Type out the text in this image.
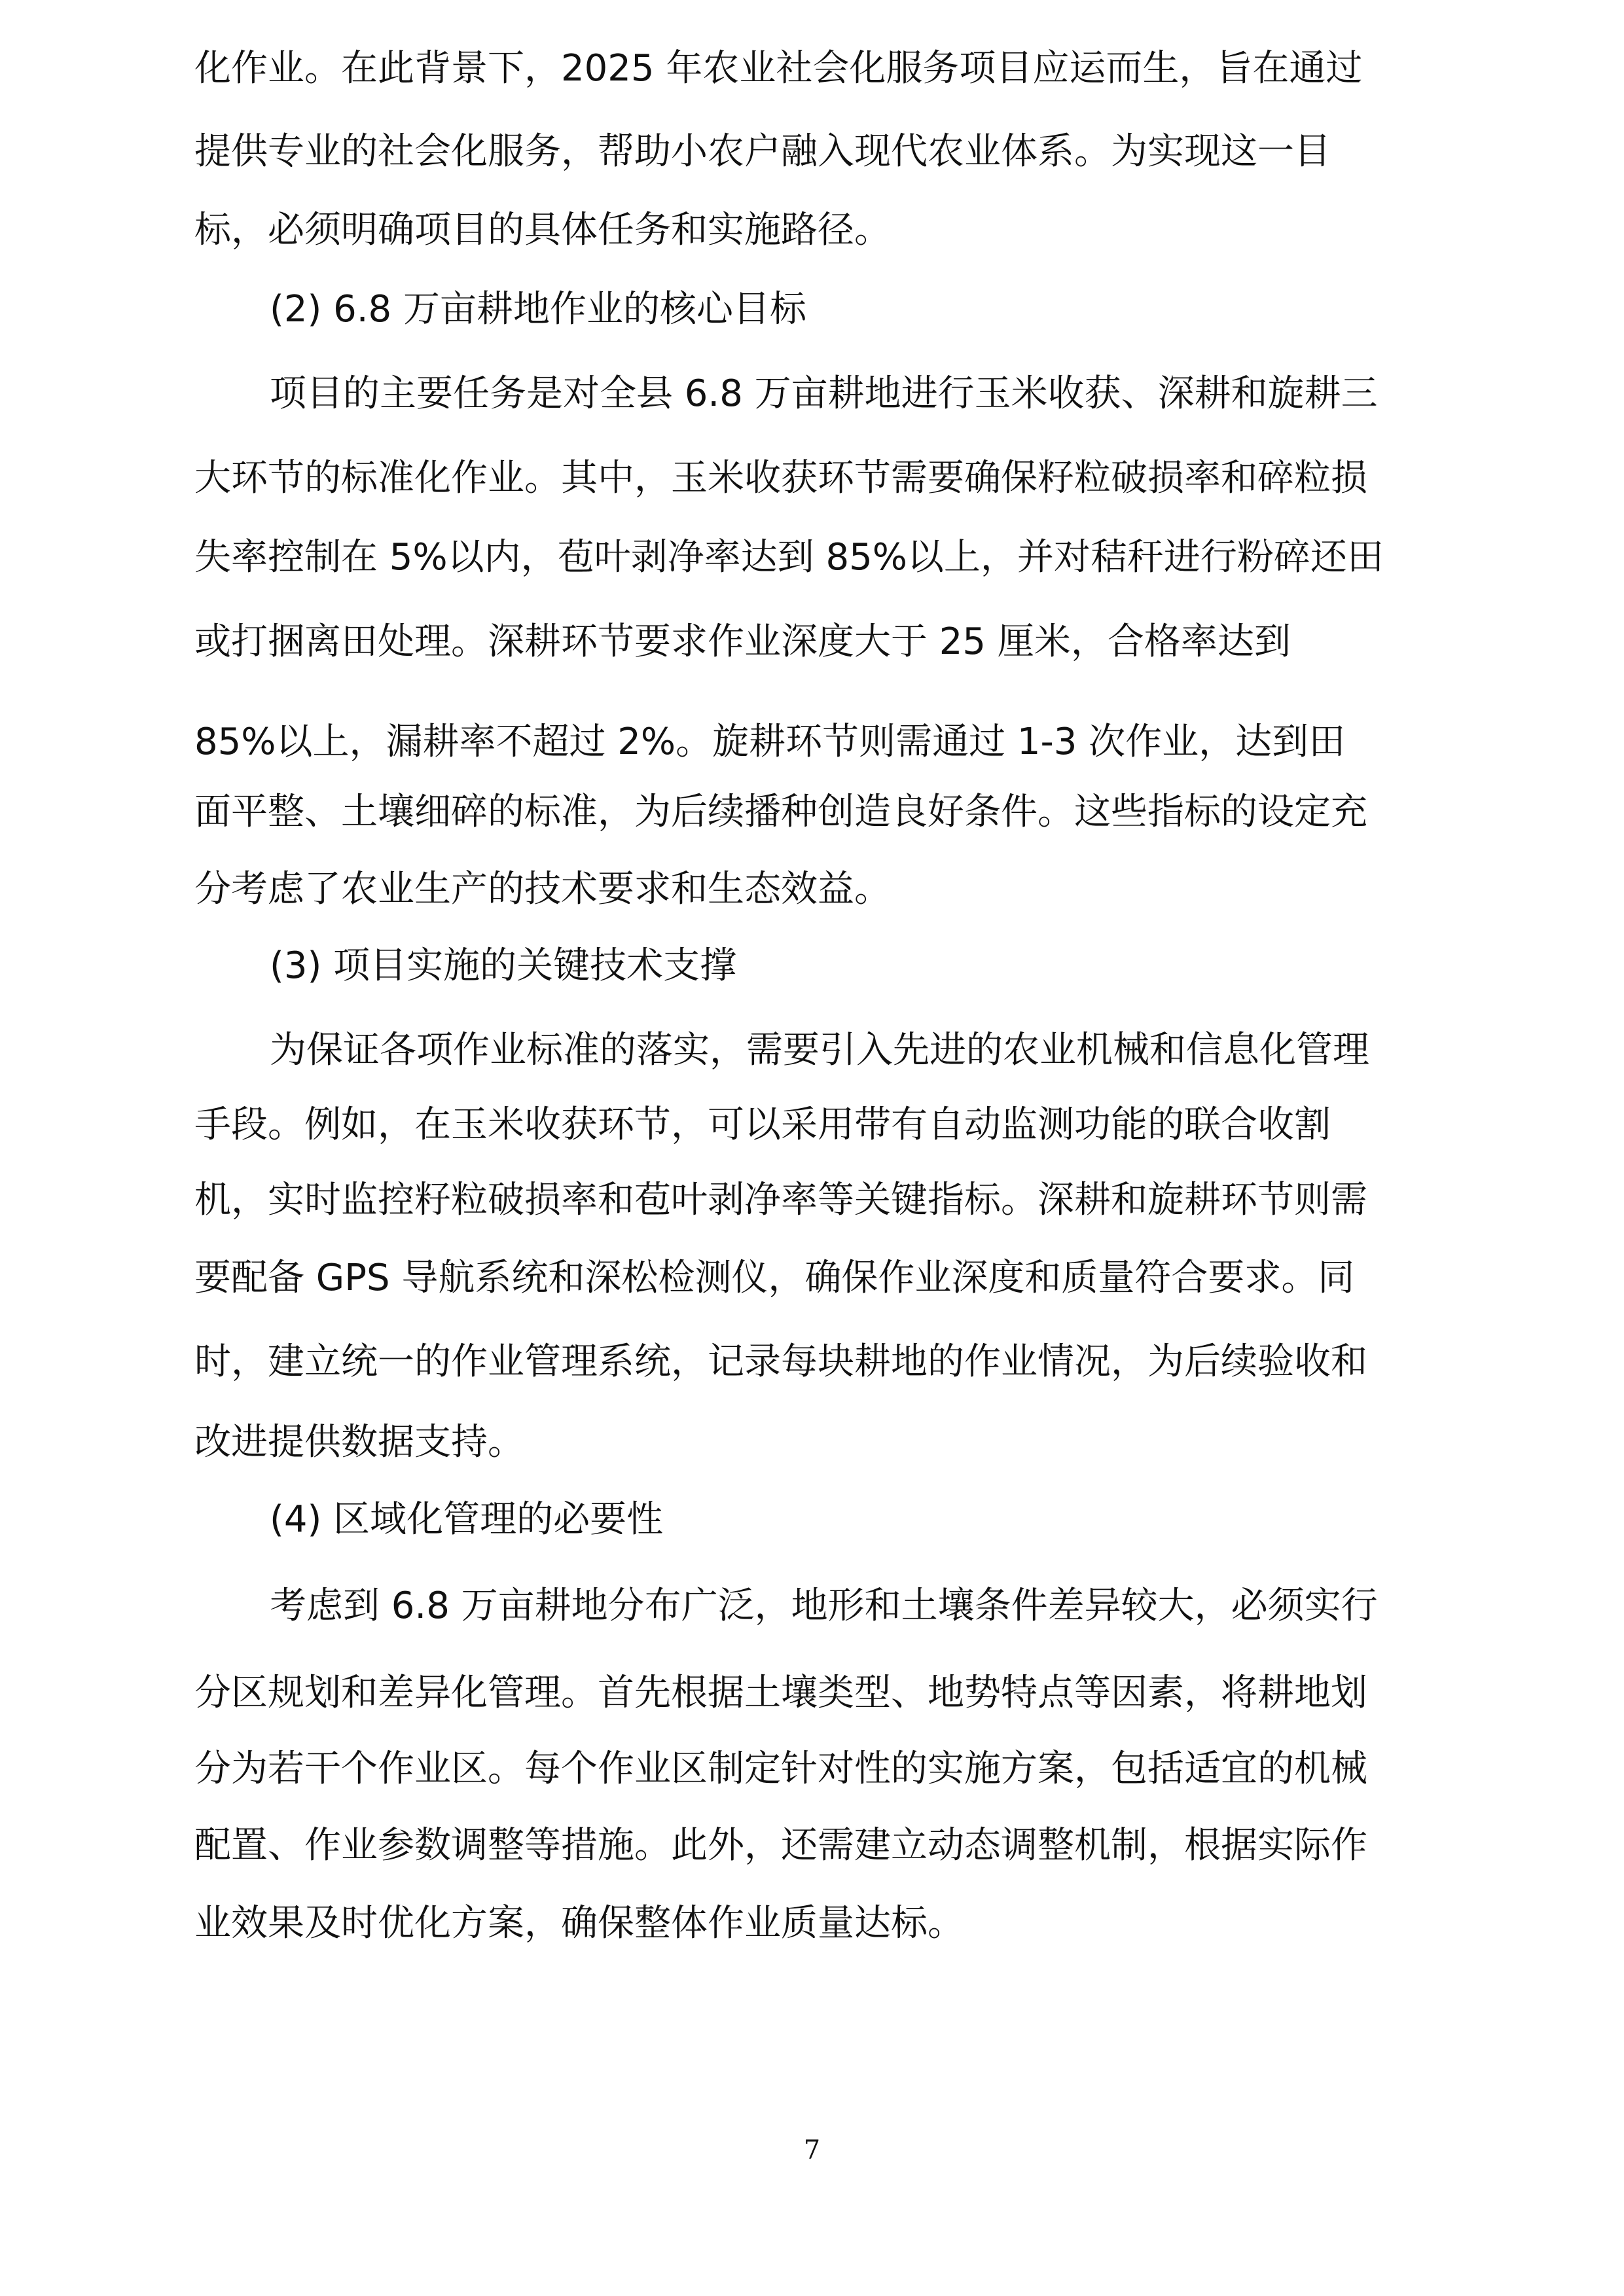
化作业。在此背景下，2025 年农业社会化服务项目应运而生，旨在通过
提供专业的社会化服务，帮助小农户融入现代农业体系。为实现这一目
标，必须明确项目的具体任务和实施路径。
(2) 6.8 万亩耕地作业的核心目标
项目的主要任务是对全县 6.8 万亩耕地进行玉米收获、深耕和旋耕三
大环节的标准化作业。其中，玉米收获环节需要确保籽粒破损率和碎粒损
失率控制在 5%以内，苞叶剥净率达到 85%以上，并对秸秆进行粉碎还田
或打捆离田处理。深耕环节要求作业深度大于 25 厘米，合格率达到
85%以上，漏耕率不超过 2%。旋耕环节则需通过 1-3 次作业，达到田
面平整、土壤细碎的标准，为后续播种创造良好条件。这些指标的设定充
分考虑了农业生产的技术要求和生态效益。
(3) 项目实施的关键技术支撑
为保证各项作业标准的落实，需要引入先进的农业机械和信息化管理
手段。例如，在玉米收获环节，可以采用带有自动监测功能的联合收割
机，实时监控籽粒破损率和苞叶剥净率等关键指标。深耕和旋耕环节则需
要配备 GPS 导航系统和深松检测仪，确保作业深度和质量符合要求。同
时，建立统一的作业管理系统，记录每块耕地的作业情况，为后续验收和
改进提供数据支持。
(4) 区域化管理的必要性
考虑到 6.8 万亩耕地分布广泛，地形和土壤条件差异较大，必须实行
分区规划和差异化管理。首先根据土壤类型、地势特点等因素，将耕地划
分为若干个作业区。每个作业区制定针对性的实施方案，包括适宜的机械
配置、作业参数调整等措施。此外，还需建立动态调整机制，根据实际作
业效果及时优化方案，确保整体作业质量达标。
7
